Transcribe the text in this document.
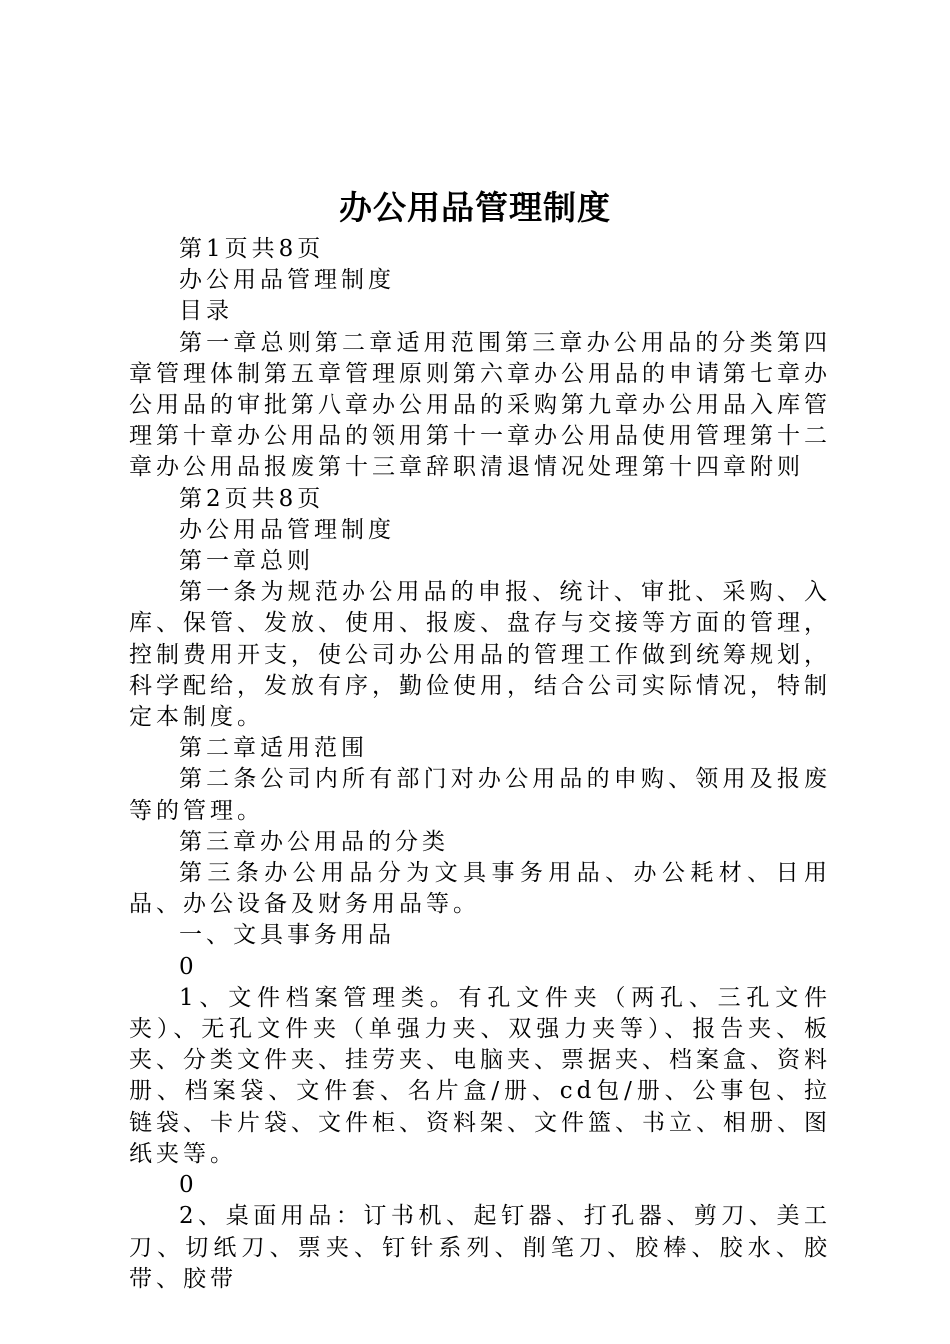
办公用品管理制度

第1页共8页

办公用品管理制度

目录

第一章总则第二章适用范围第三章办公用品的分类第四章管理体制第五章管理原则第六章办公用品的申请第七章办公用品的审批第八章办公用品的采购第九章办公用品入库管理第十章办公用品的领用第十一章办公用品使用管理第十二章办公用品报废第十三章辞职清退情况处理第十四章附则

第2页共8页

办公用品管理制度

第一章总则

第一条为规范办公用品的申报、统计、审批、采购、入库、保管、发放、使用、报废、盘存与交接等方面的管理，控制费用开支，使公司办公用品的管理工作做到统筹规划，科学配给，发放有序，勤俭使用，结合公司实际情况，特制定本制度。

第二章适用范围

第二条公司内所有部门对办公用品的申购、领用及报废等的管理。

第三章办公用品的分类

第三条办公用品分为文具事务用品、办公耗材、日用品、办公设备及财务用品等。

一、文具事务用品

0

1、文件档案管理类。有孔文件夹（两孔、三孔文件夹）、无孔文件夹（单强力夹、双强力夹等）、报告夹、板夹、分类文件夹、挂劳夹、电脑夹、票据夹、档案盒、资料册、档案袋、文件套、名片盒/册、cd包/册、公事包、拉链袋、卡片袋、文件柜、资料架、文件篮、书立、相册、图纸夹等。

0

2、桌面用品：订书机、起钉器、打孔器、剪刀、美工刀、切纸刀、票夹、钉针系列、削笔刀、胶棒、胶水、胶带、胶带
